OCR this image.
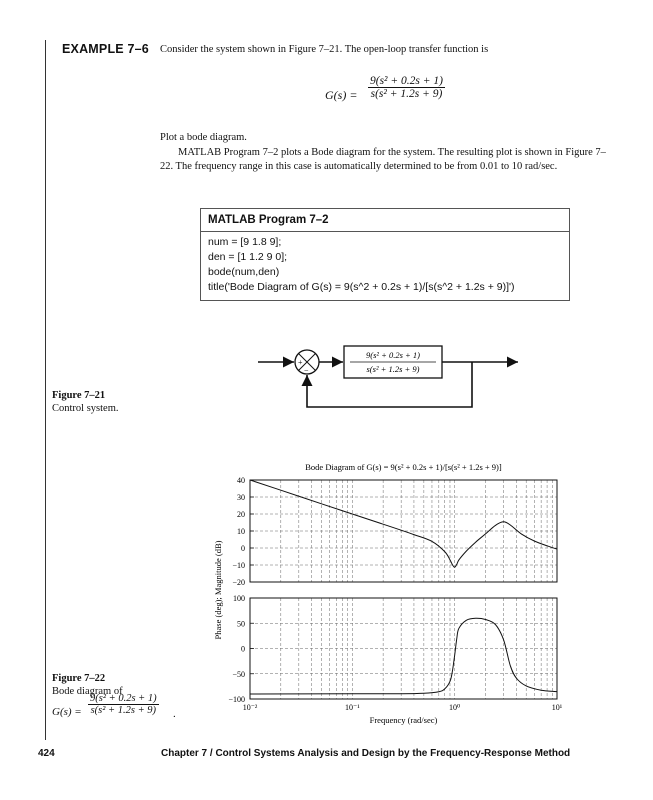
EXAMPLE 7–6 Consider the system shown in Figure 7–21. The open-loop transfer function is
$G(s) = \frac{\text{9(s² + 0.2s + 1)}}{\text{s(s² + 1.2s + 9)}}$
Plot a bode diagram.
MATLAB Program 7–2 plots a Bode diagram for the system. The resulting plot is shown in Figure 7–22. The frequency range in this case is automatically determined to be from 0.01 to 10 rad/sec.
MATLAB Program 7–2
num = [9 1.8 9];
den = [1 1.2 9 0];
bode(num,den)
title('Bode Diagram of G(s) = 9(s^2 + 0.2s + 1)/[s(s^2 + 1.2s + 9)]')
+
−
9(s² + 0.2s + 1)
s(s² + 1.2s + 9)
Figure 7–21
Control system.
Figure 7–22
Bode diagram of
$G(s) = \frac{\text{9(s² + 0.2s + 1)}}{\text{s(s² + 1.2s + 9)}}$ .
40
30
20
10
0
−10
−20
100
50
0
−50
−100
10⁻²	10⁻¹	10⁰	10¹
Bode Diagram of G(s) = 9(s² + 0.2s + 1)/[s(s² + 1.2s + 9)]
Frequency (rad/sec)
Phase (deg); Magnitude (dB)
424	Chapter 7 / Control Systems Analysis and Design by the Frequency-Response Method
